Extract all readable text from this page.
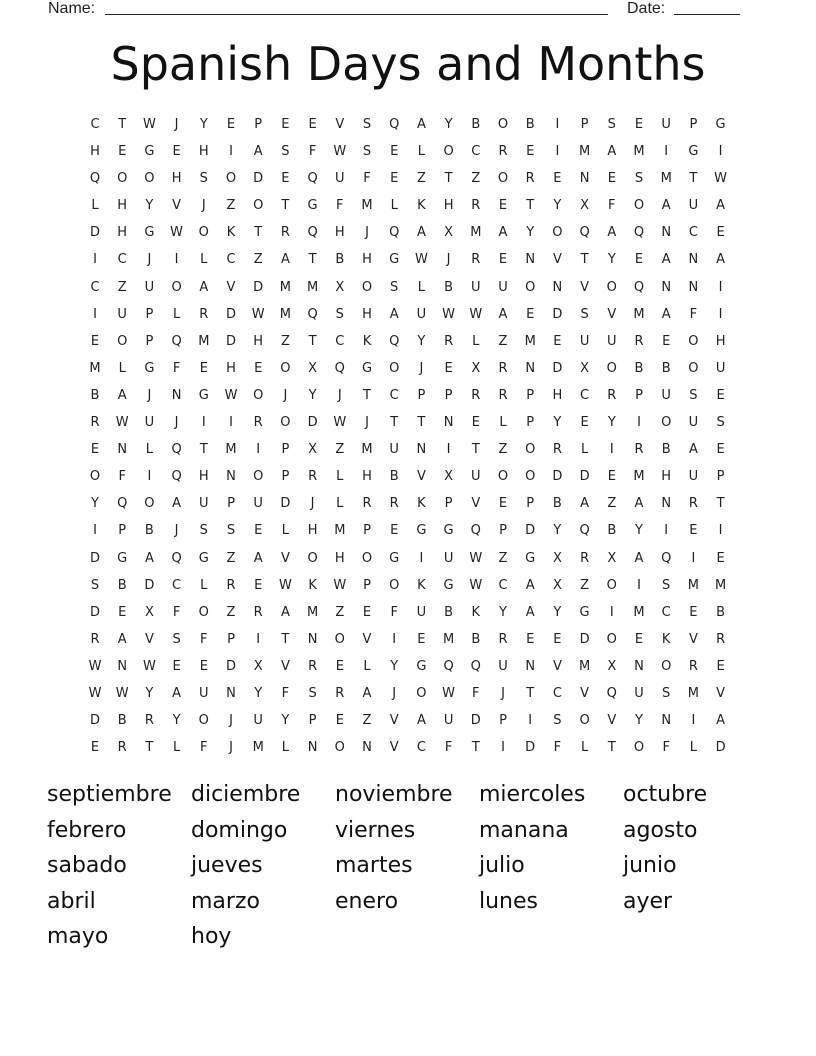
Name:	Date:
Spanish Days and Months
C	T	W	J	Y	E	P	E	E	V	S	Q	A	Y	B	O	B	I	P	S	E	U	P	G
H	E	G	E	H	I	A	S	F	W	S	E	L	O	C	R	E	I	M	A	M	I	G	I
Q	O	O	H	S	O	D	E	Q	U	F	E	Z	T	Z	O	R	E	N	E	S	M	T	W
L	H	Y	V	J	Z	O	T	G	F	M	L	K	H	R	E	T	Y	X	F	O	A	U	A
D	H	G	W	O	K	T	R	Q	H	J	Q	A	X	M	A	Y	O	Q	A	Q	N	C	E
I	C	J	I	L	C	Z	A	T	B	H	G	W	J	R	E	N	V	T	Y	E	A	N	A
C	Z	U	O	A	V	D	M	M	X	O	S	L	B	U	U	O	N	V	O	Q	N	N	I
I	U	P	L	R	D	W	M	Q	S	H	A	U	W	W	A	E	D	S	V	M	A	F	I
E	O	P	Q	M	D	H	Z	T	C	K	Q	Y	R	L	Z	M	E	U	U	R	E	O	H
M	L	G	F	E	H	E	O	X	Q	G	O	J	E	X	R	N	D	X	O	B	B	O	U
B	A	J	N	G	W	O	J	Y	J	T	C	P	P	R	R	P	H	C	R	P	U	S	E
R	W	U	J	I	I	R	O	D	W	J	T	T	N	E	L	P	Y	E	Y	I	O	U	S
E	N	L	Q	T	M	I	P	X	Z	M	U	N	I	T	Z	O	R	L	I	R	B	A	E
O	F	I	Q	H	N	O	P	R	L	H	B	V	X	U	O	O	D	D	E	M	H	U	P
Y	Q	O	A	U	P	U	D	J	L	R	R	K	P	V	E	P	B	A	Z	A	N	R	T
I	P	B	J	S	S	E	L	H	M	P	E	G	G	Q	P	D	Y	Q	B	Y	I	E	I
D	G	A	Q	G	Z	A	V	O	H	O	G	I	U	W	Z	G	X	R	X	A	Q	I	E
S	B	D	C	L	R	E	W	K	W	P	O	K	G	W	C	A	X	Z	O	I	S	M	M
D	E	X	F	O	Z	R	A	M	Z	E	F	U	B	K	Y	A	Y	G	I	M	C	E	B
R	A	V	S	F	P	I	T	N	O	V	I	E	M	B	R	E	E	D	O	E	K	V	R
W	N	W	E	E	D	X	V	R	E	L	Y	G	Q	Q	U	N	V	M	X	N	O	R	E
W	W	Y	A	U	N	Y	F	S	R	A	J	O	W	F	J	T	C	V	Q	U	S	M	V
D	B	R	Y	O	J	U	Y	P	E	Z	V	A	U	D	P	I	S	O	V	Y	N	I	A
E	R	T	L	F	J	M	L	N	O	N	V	C	F	T	I	D	F	L	T	O	F	L	D
septiembre diciembre noviembre miercoles octubre
febrero	domingo viernes	manana agosto
sabado	jueves	martes	julio	junio
abril	marzo	enero	lunes	ayer
mayo	hoy
